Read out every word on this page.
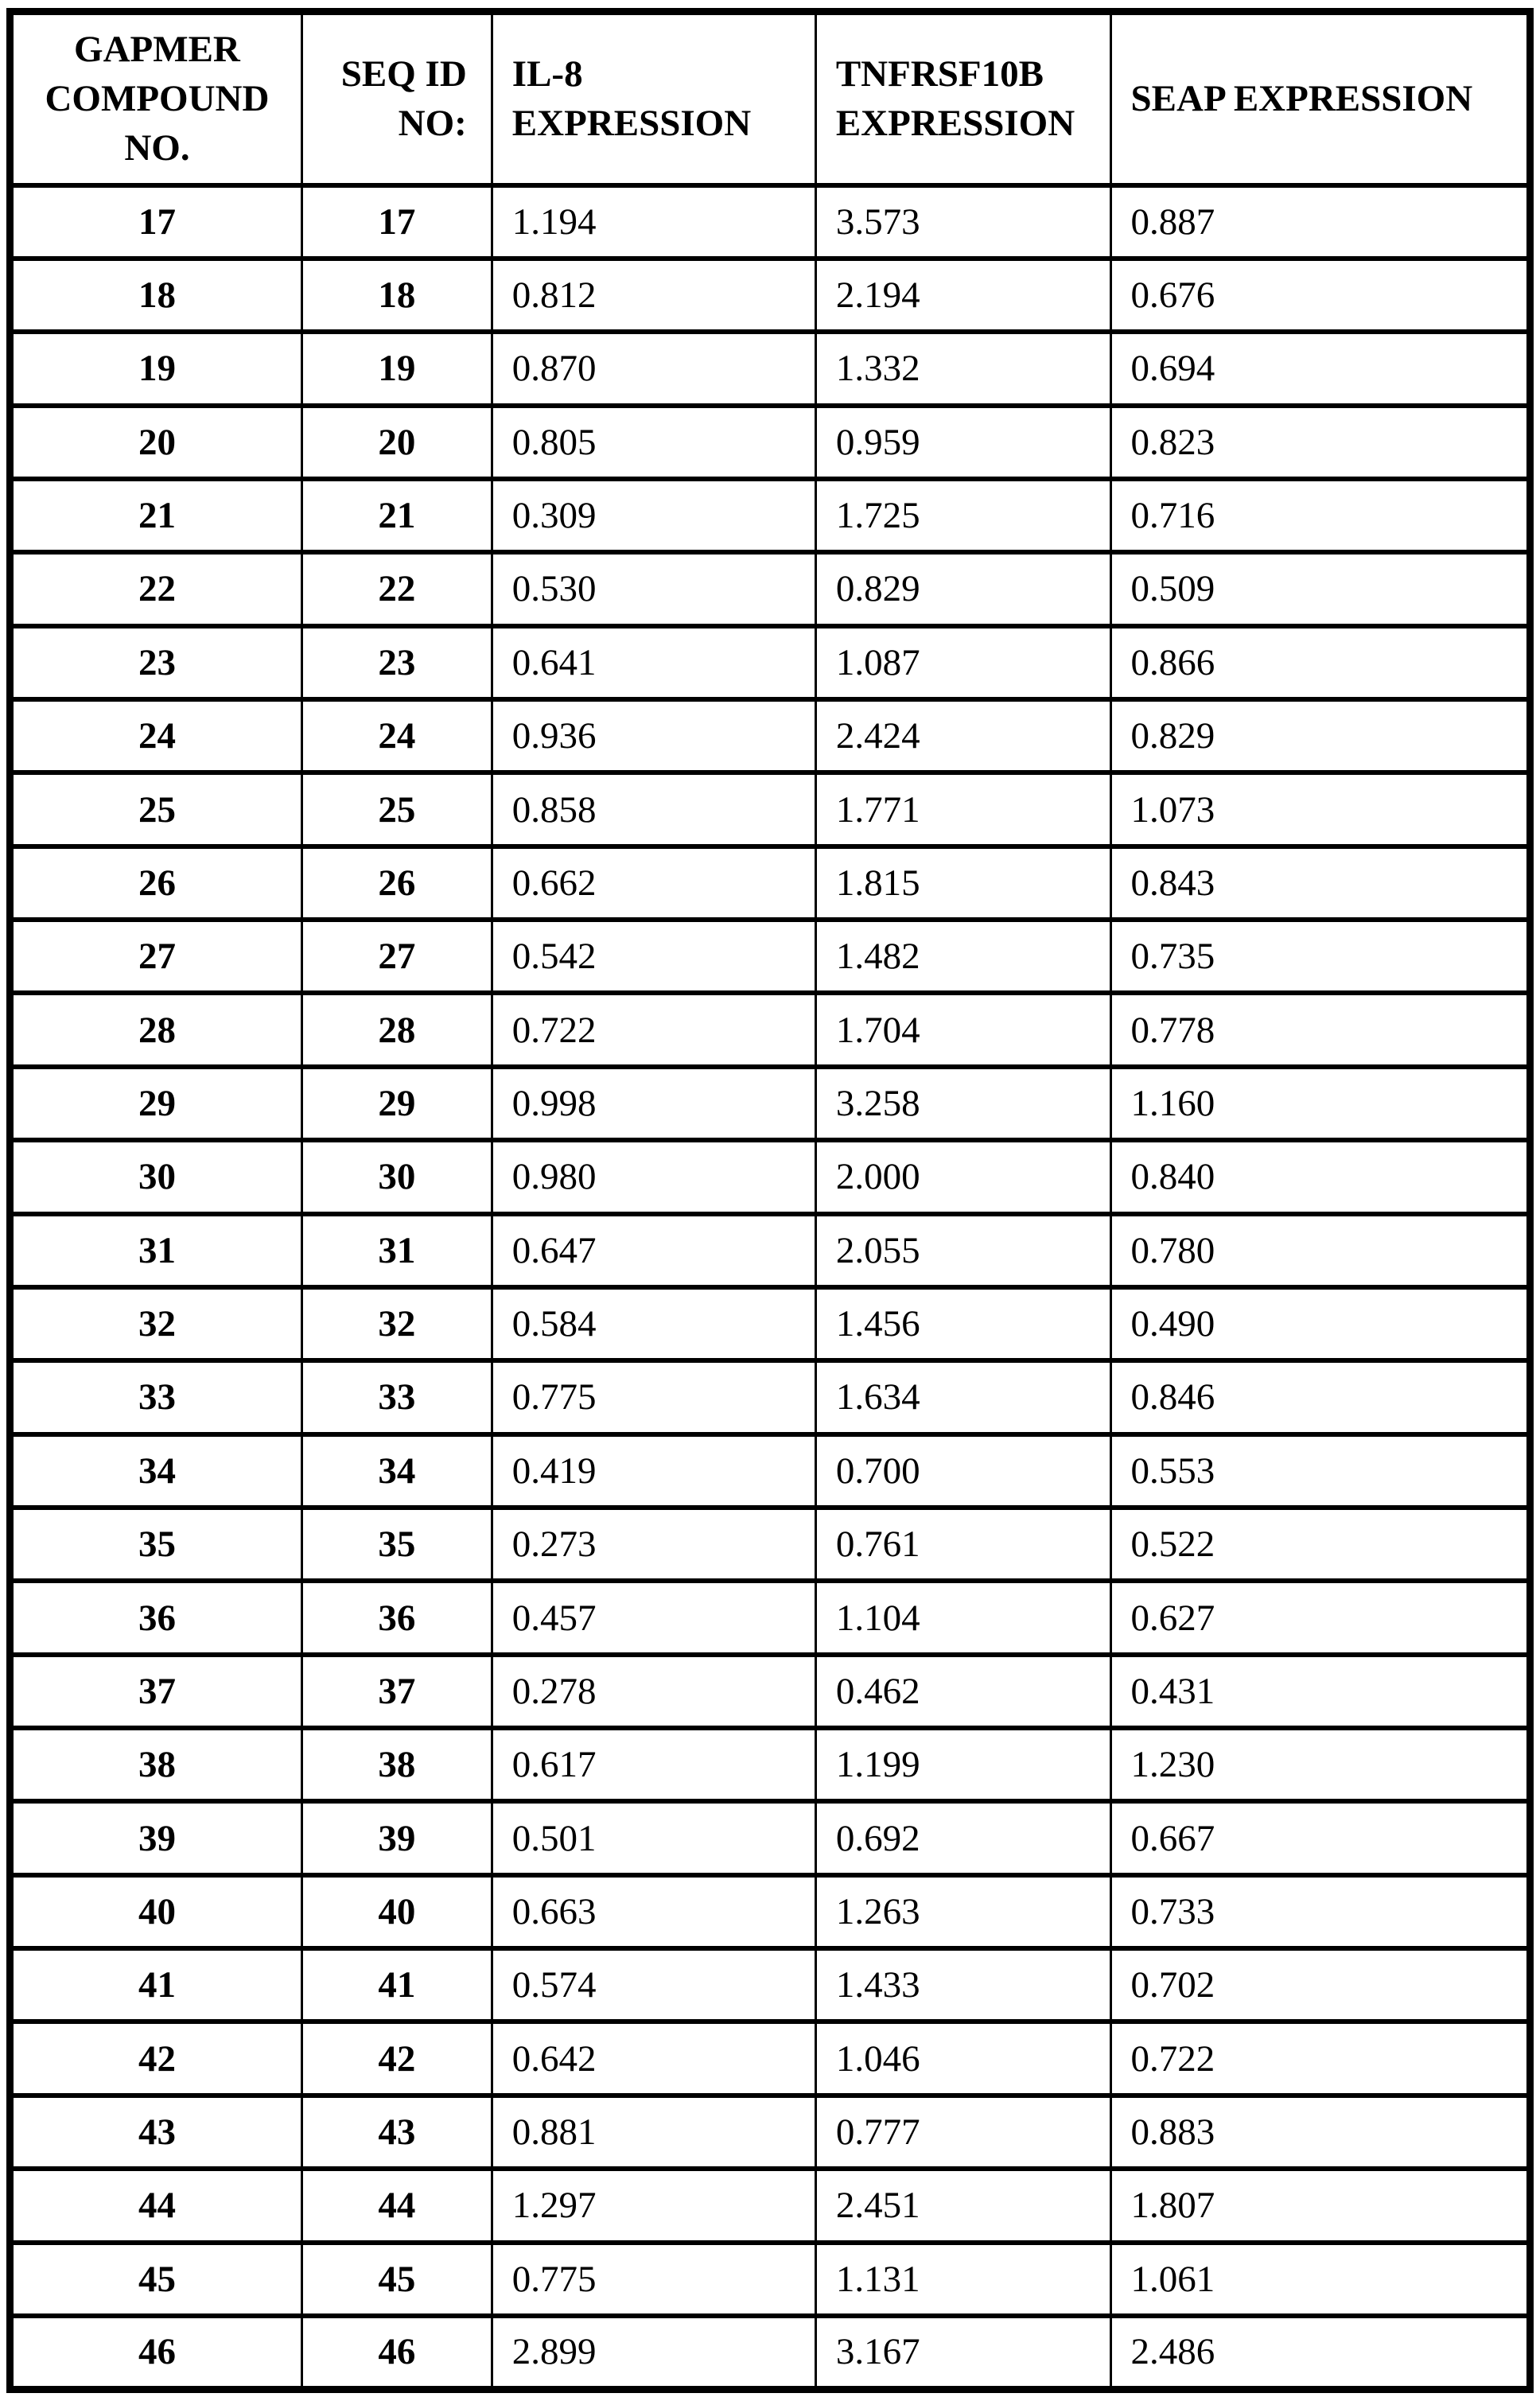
GAPMER COMPOUND NO.	SEQ ID NO:	IL-8 EXPRESSION	TNFRSF10B EXPRESSION	SEAP EXPRESSION
17	17	1.194	3.573	0.887
18	18	0.812	2.194	0.676
19	19	0.870	1.332	0.694
20	20	0.805	0.959	0.823
21	21	0.309	1.725	0.716
22	22	0.530	0.829	0.509
23	23	0.641	1.087	0.866
24	24	0.936	2.424	0.829
25	25	0.858	1.771	1.073
26	26	0.662	1.815	0.843
27	27	0.542	1.482	0.735
28	28	0.722	1.704	0.778
29	29	0.998	3.258	1.160
30	30	0.980	2.000	0.840
31	31	0.647	2.055	0.780
32	32	0.584	1.456	0.490
33	33	0.775	1.634	0.846
34	34	0.419	0.700	0.553
35	35	0.273	0.761	0.522
36	36	0.457	1.104	0.627
37	37	0.278	0.462	0.431
38	38	0.617	1.199	1.230
39	39	0.501	0.692	0.667
40	40	0.663	1.263	0.733
41	41	0.574	1.433	0.702
42	42	0.642	1.046	0.722
43	43	0.881	0.777	0.883
44	44	1.297	2.451	1.807
45	45	0.775	1.131	1.061
46	46	2.899	3.167	2.486
